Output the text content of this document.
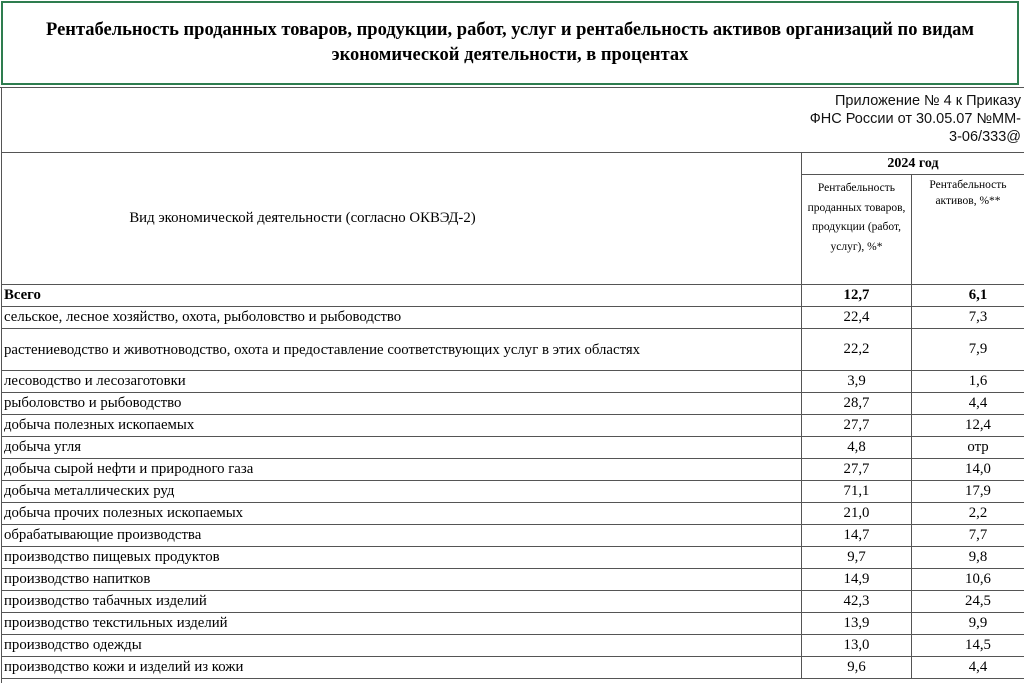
Рентабельность проданных товаров, продукции, работ, услуг и рентабельность активов организаций по видам экономической деятельности, в процентах
Приложение № 4 к Приказу
ФНС России от 30.05.07 №ММ-
3-06/333@
Вид экономической деятельности (согласно ОКВЭД-2)	2024 год	
	Рентабельность проданных товаров, продукции (работ, услуг), %*	Рентабельность активов, %**
Всего	12,7	6,1
сельское, лесное хозяйство, охота, рыболовство и рыбоводство	22,4	7,3
растениеводство и животноводство, охота и предоставление соответствующих услуг в этих областях	22,2	7,9
лесоводство и лесозаготовки	3,9	1,6
рыболовство и рыбоводство	28,7	4,4
добыча полезных ископаемых	27,7	12,4
добыча угля	4,8	отр
добыча сырой нефти и природного газа	27,7	14,0
добыча металлических руд	71,1	17,9
добыча прочих полезных ископаемых	21,0	2,2
обрабатывающие производства	14,7	7,7
производство пищевых продуктов	9,7	9,8
производство напитков	14,9	10,6
производство табачных изделий	42,3	24,5
производство текстильных изделий	13,9	9,9
производство одежды	13,0	14,5
производство кожи и изделий из кожи	9,6	4,4
